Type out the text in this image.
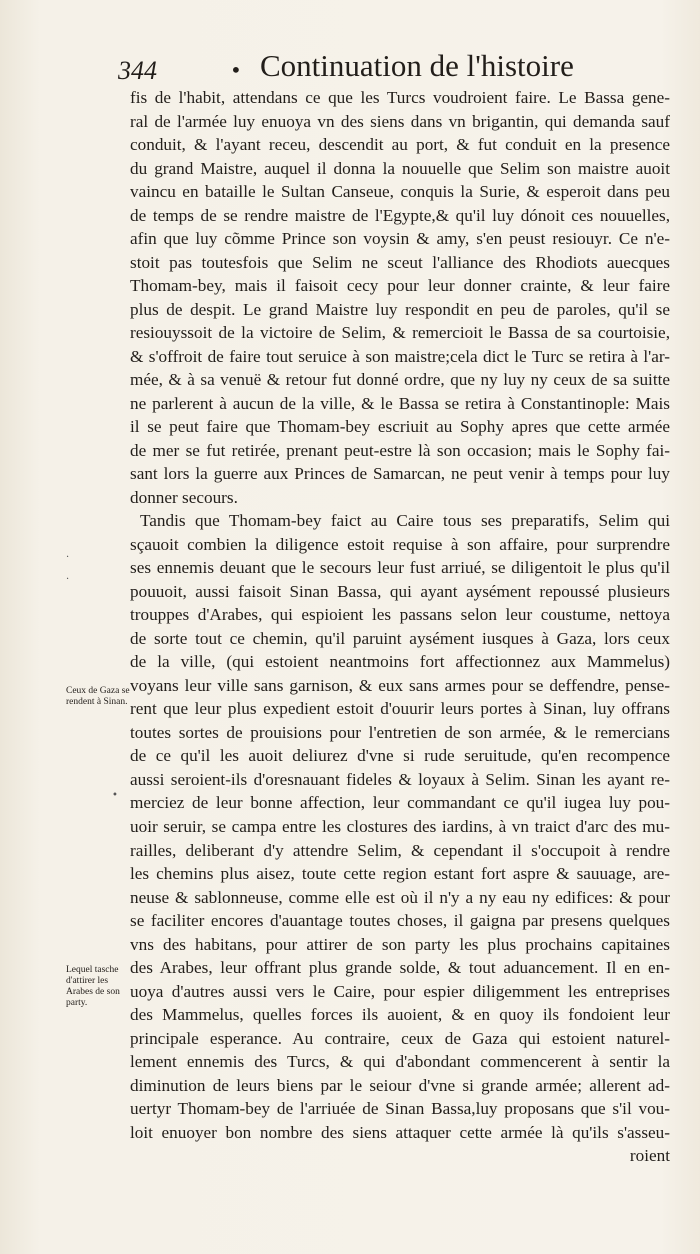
344	• Continuation de l'histoire
fis de l'habit, attendans ce que les Turcs voudroient faire. Le Bassa gene-
ral de l'armée luy enuoya vn des siens dans vn brigantin, qui demanda sauf
conduit, & l'ayant receu, descendit au port, & fut conduit en la presence
du grand Maistre, auquel il donna la nouuelle que Selim son maistre auoit
vaincu en bataille le Sultan Canseue, conquis la Surie, & esperoit dans peu
de temps de se rendre maistre de l'Egypte,& qu'il luy dónoit ces nouuelles,
afin que luy cõmme Prince son voysin & amy, s'en peust resiouyr. Ce n'e-
stoit pas toutesfois que Selim ne sceut l'alliance des Rhodiots auecques
Thomam-bey, mais il faisoit cecy pour leur donner crainte, & leur faire
plus de despit. Le grand Maistre luy respondit en peu de paroles, qu'il se
resiouyssoit de la victoire de Selim, & remercioit le Bassa de sa courtoisie,
& s'offroit de faire tout seruice à son maistre;cela dict le Turc se retira à l'ar-
mée, & à sa venuë & retour fut donné ordre, que ny luy ny ceux de sa suitte
ne parlerent à aucun de la ville, & le Bassa se retira à Constantinople: Mais
il se peut faire que Thomam-bey escriuit au Sophy apres que cette armée
de mer se fut retirée, prenant peut-estre là son occasion; mais le Sophy fai-
sant lors la guerre aux Princes de Samarcan, ne peut venir à temps pour luy
donner secours.
Tandis que Thomam-bey faict au Caire tous ses preparatifs, Selim qui
sçauoit combien la diligence estoit requise à son affaire, pour surprendre
ses ennemis deuant que le secours leur fust arriué, se diligentoit le plus qu'il
pouuoit, aussi faisoit Sinan Bassa, qui ayant aysément repoussé plusieurs
trouppes d'Arabes, qui espioient les passans selon leur coustume, nettoya
de sorte tout ce chemin, qu'il paruint aysément iusques à Gaza, lors ceux
de la ville, (qui estoient neantmoins fort affectionnez aux Mammelus)
voyans leur ville sans garnison, & eux sans armes pour se deffendre, pense-
rent que leur plus expedient estoit d'ouurir leurs portes à Sinan, luy offrans
toutes sortes de prouisions pour l'entretien de son armée, & le remercians
de ce qu'il les auoit deliurez d'vne si rude seruitude, qu'en recompence
aussi seroient-ils d'oresnauant fideles & loyaux à Selim. Sinan les ayant re-
merciez de leur bonne affection, leur commandant ce qu'il iugea luy pou-
uoir seruir, se campa entre les clostures des iardins, à vn traict d'arc des mu-
railles, deliberant d'y attendre Selim, & cependant il s'occupoit à rendre
les chemins plus aisez, toute cette region estant fort aspre & sauuage, are-
neuse & sablonneuse, comme elle est où il n'y a ny eau ny edifices: & pour
se faciliter encores d'auantage toutes choses, il gaigna par presens quelques
vns des habitans, pour attirer de son party les plus prochains capitaines
des Arabes, leur offrant plus grande solde, & tout aduancement. Il en en-
uoya d'autres aussi vers le Caire, pour espier diligemment les entreprises
des Mammelus, quelles forces ils auoient, & en quoy ils fondoient leur
principale esperance. Au contraire, ceux de Gaza qui estoient naturel-
lement ennemis des Turcs, & qui d'abondant commencerent à sentir la
diminution de leurs biens par le seiour d'vne si grande armée; allerent ad-
uertyr Thomam-bey de l'arriuée de Sinan Bassa,luy proposans que s'il vou-
loit enuoyer bon nombre des siens attaquer cette armée là qu'ils s'asseu-
roient
Ceux de Gaza se rendent à Sinan.
Lequel tasche d'attirer les Arabes de son party.
·
·
•
